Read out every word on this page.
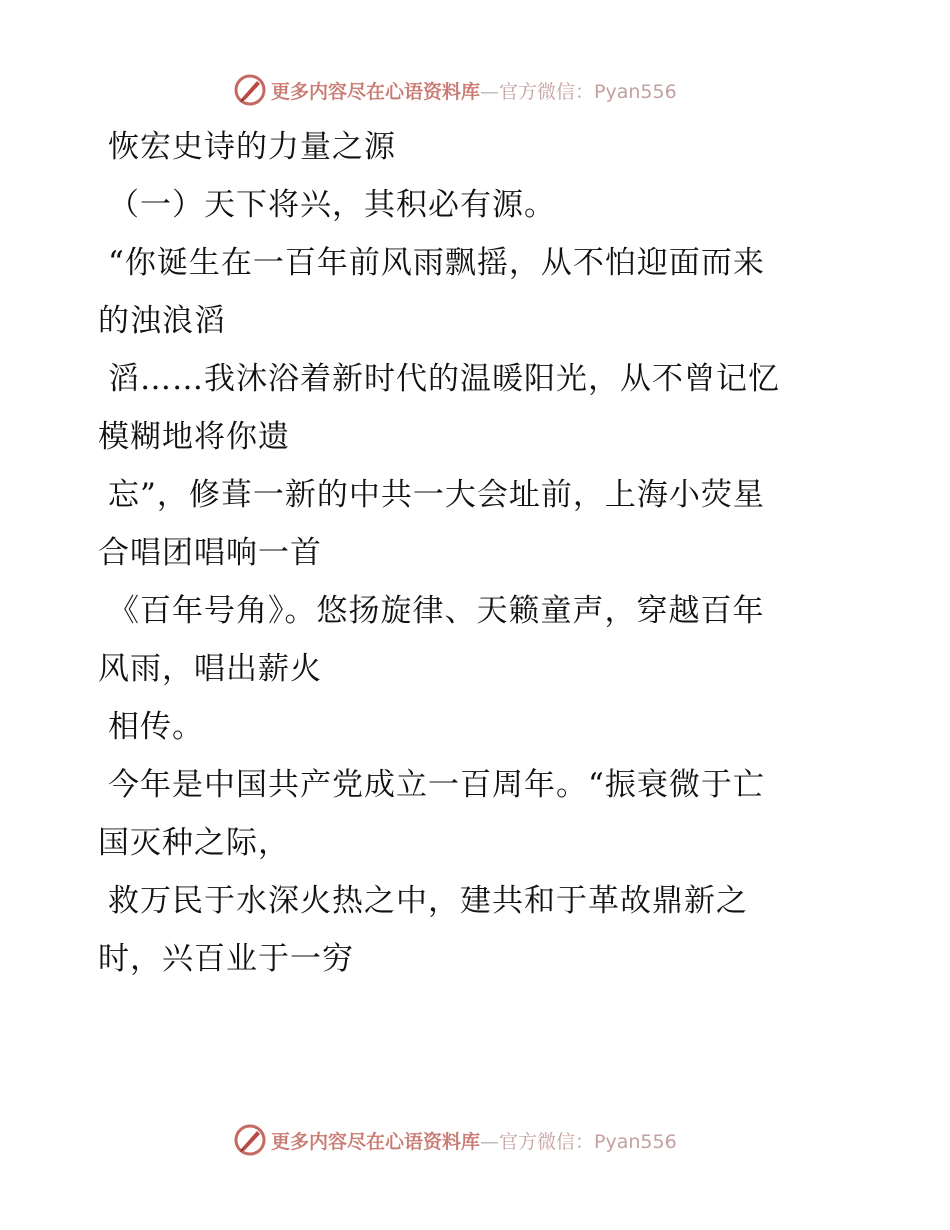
更多内容尽在心语资料库—官方微信：Pyan556
恢宏史诗的力量之源
（一）天下将兴，其积必有源。
“你诞生在一百年前风雨飘摇，从不怕迎面而来
的浊浪滔
滔……我沐浴着新时代的温暖阳光，从不曾记忆
模糊地将你遗
忘”，修葺一新的中共一大会址前，上海小荧星
合唱团唱响一首
《百年号角》。悠扬旋律、天籁童声，穿越百年
风雨，唱出薪火
相传。
今年是中国共产党成立一百周年。“振衰微于亡
国灭种之际，
救万民于水深火热之中，建共和于革故鼎新之
时，兴百业于一穷
更多内容尽在心语资料库—官方微信：Pyan556
